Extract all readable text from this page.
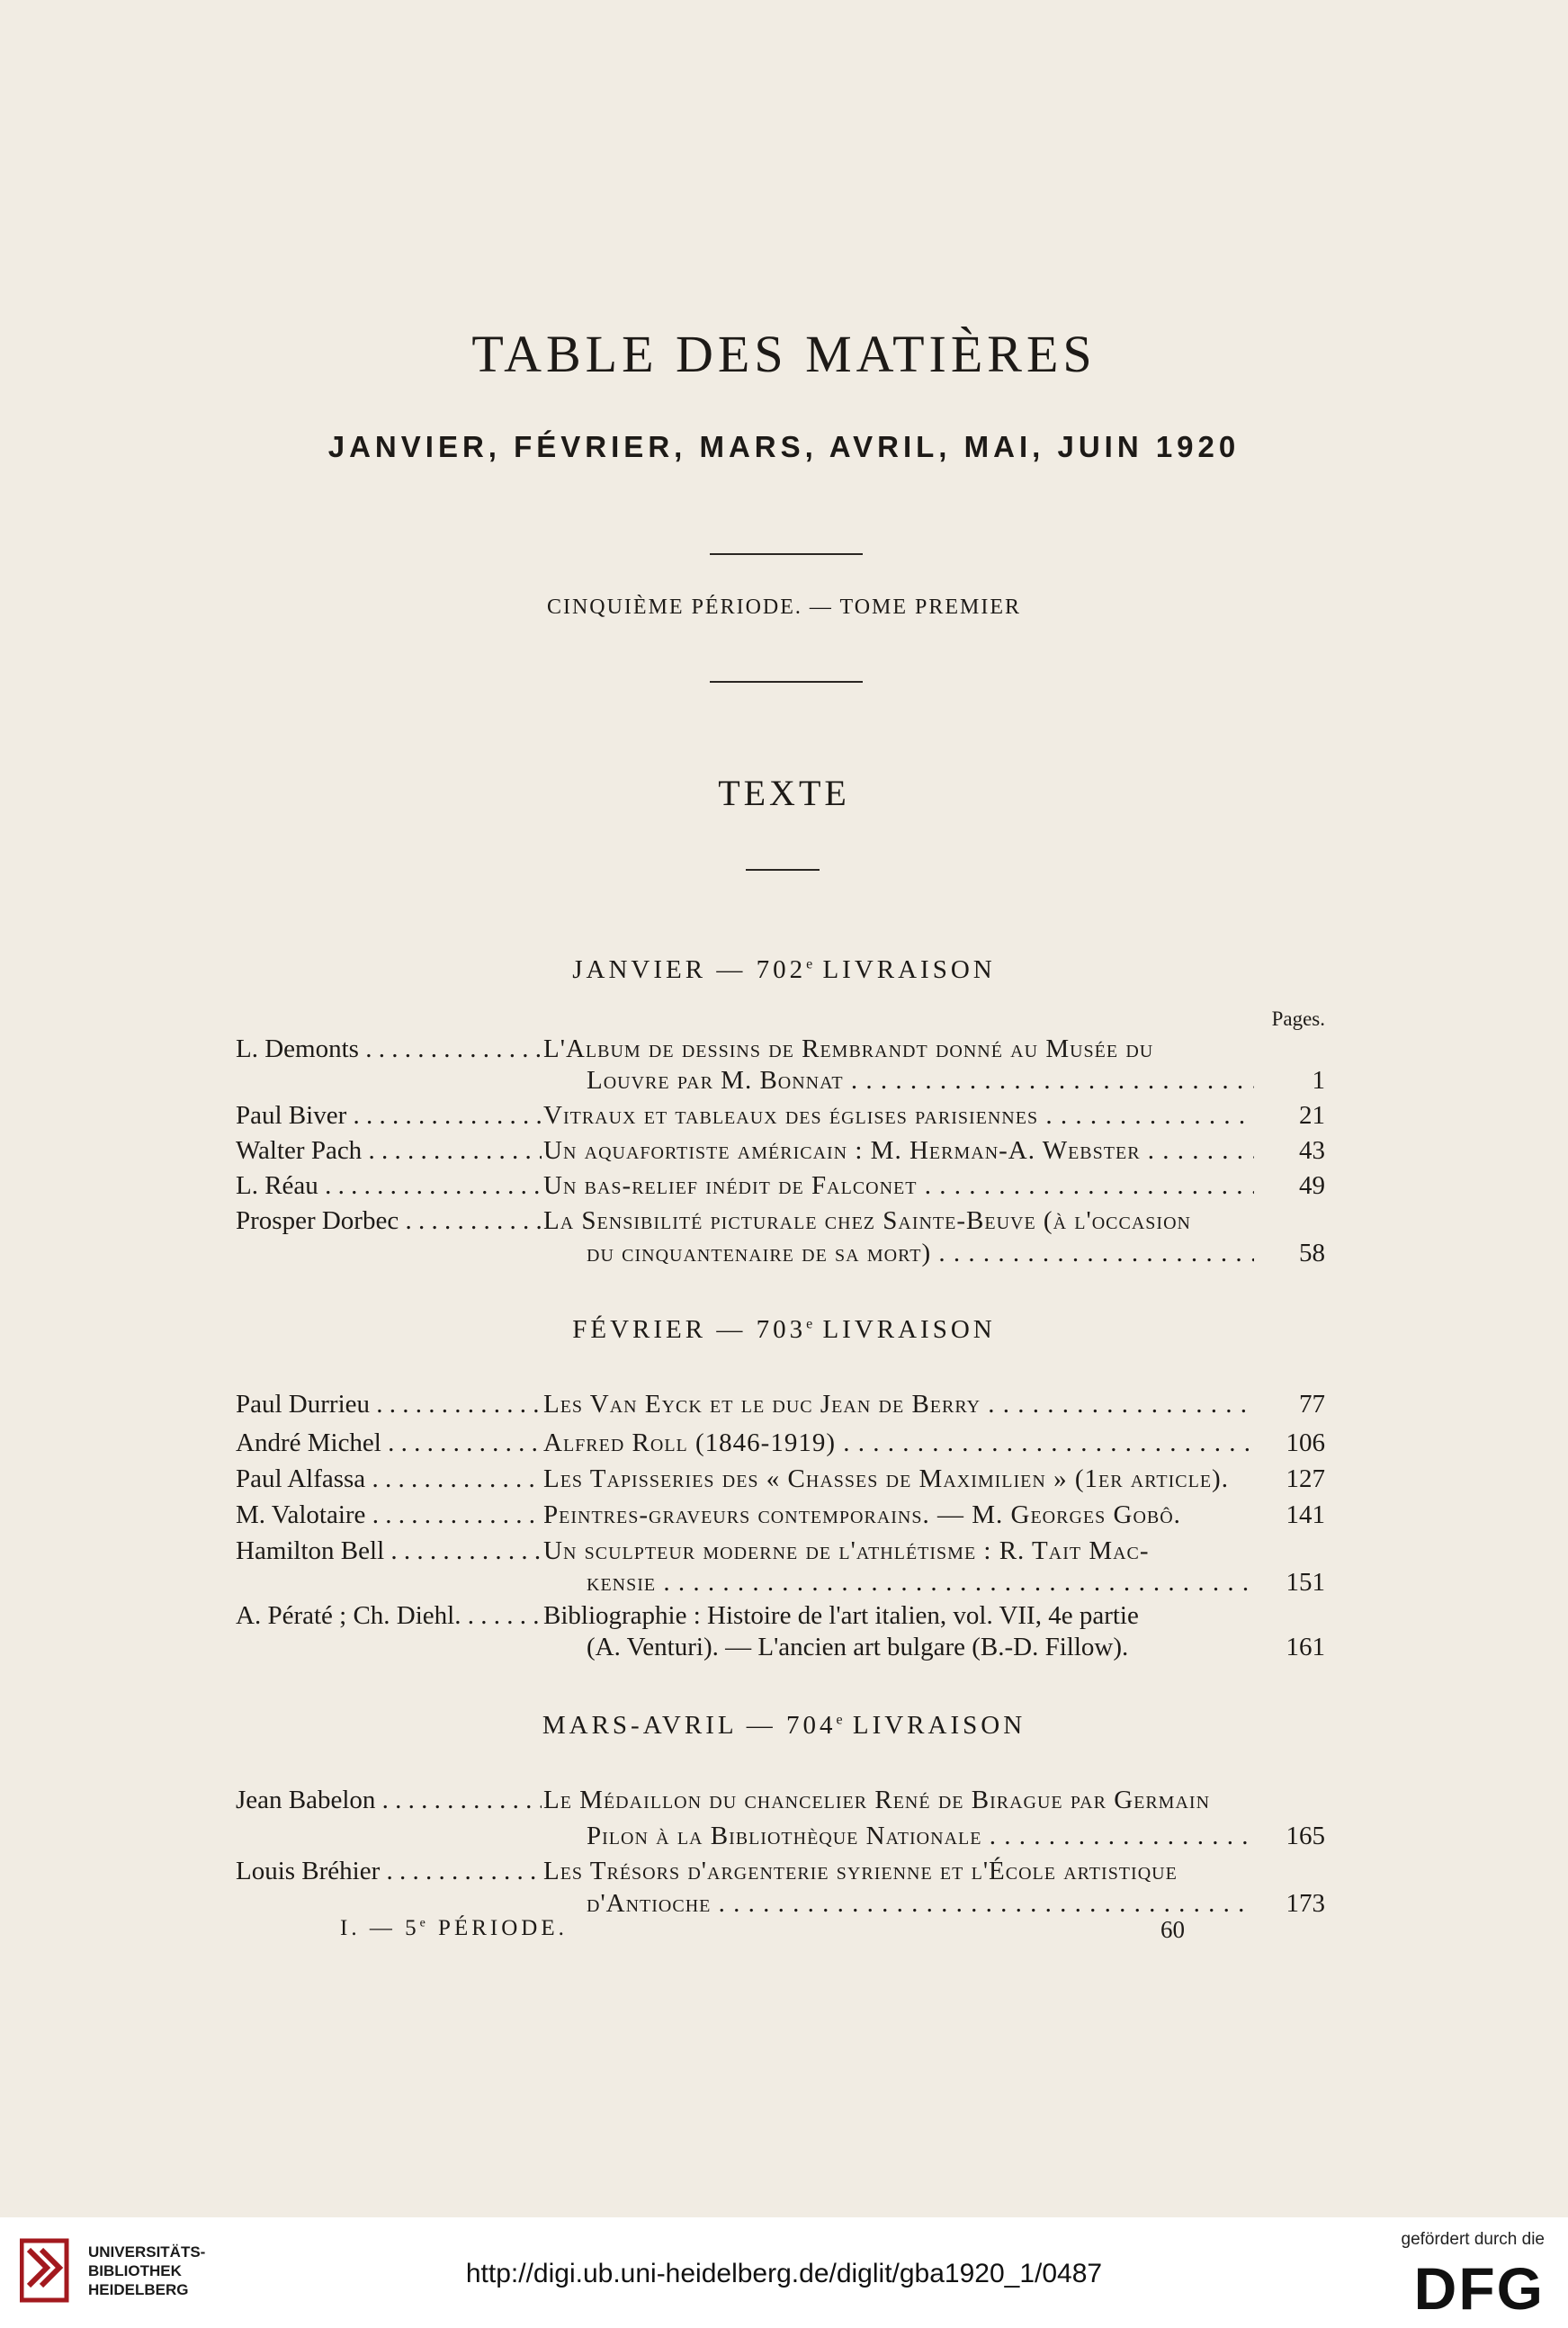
TABLE DES MATIÈRES
JANVIER, FÉVRIER, MARS, AVRIL, MAI, JUIN 1920
CINQUIÈME PÉRIODE. — TOME PREMIER
TEXTE
JANVIER — 702e LIVRAISON
Pages.
L. Demonts . .	L'Album de dessins de Rembrandt donné au Musée du
Louvre par M. Bonnat . .	1
Paul Biver . .	Vitraux et tableaux des églises parisiennes . .	21
Walter Pach . .	Un aquafortiste américain : M. Herman-A. Webster . .	43
L. Réau . .	Un bas-relief inédit de Falconet . .	49
Prosper Dorbec . .	La Sensibilité picturale chez Sainte-Beuve (à l'occasion
du cinquantenaire de sa mort) . .	58
FÉVRIER — 703e LIVRAISON
Paul Durrieu . .	Les Van Eyck et le duc Jean de Berry . .	77
André Michel . .	Alfred Roll (1846-1919) . .	106
Paul Alfassa . .	Les Tapisseries des « Chasses de Maximilien » (1er article).	127
M. Valotaire . .	Peintres-graveurs contemporains. — M. Georges Gobô.	141
Hamilton Bell . .	Un sculpteur moderne de l'athlétisme : R. Tait Mac-
kensie . .	151
A. Pératé ; Ch. Diehl. . .	Bibliographie : Histoire de l'art italien, vol. VII, 4e partie
(A. Venturi). — L'ancien art bulgare (B.-D. Fillow).	161
MARS-AVRIL — 704e LIVRAISON
Jean Babelon . .	Le Médaillon du chancelier René de Birague par Germain
Pilon à la Bibliothèque Nationale . .	165
Louis Bréhier . .	Les Trésors d'argenterie syrienne et l'École artistique
d'Antioche . .	173
I. — 5e PÉRIODE.	60
UNIVERSITÄTS-
BIBLIOTHEK
HEIDELBERG
http://digi.ub.uni-heidelberg.de/diglit/gba1920_1/0487
gefördert durch die
DFG
